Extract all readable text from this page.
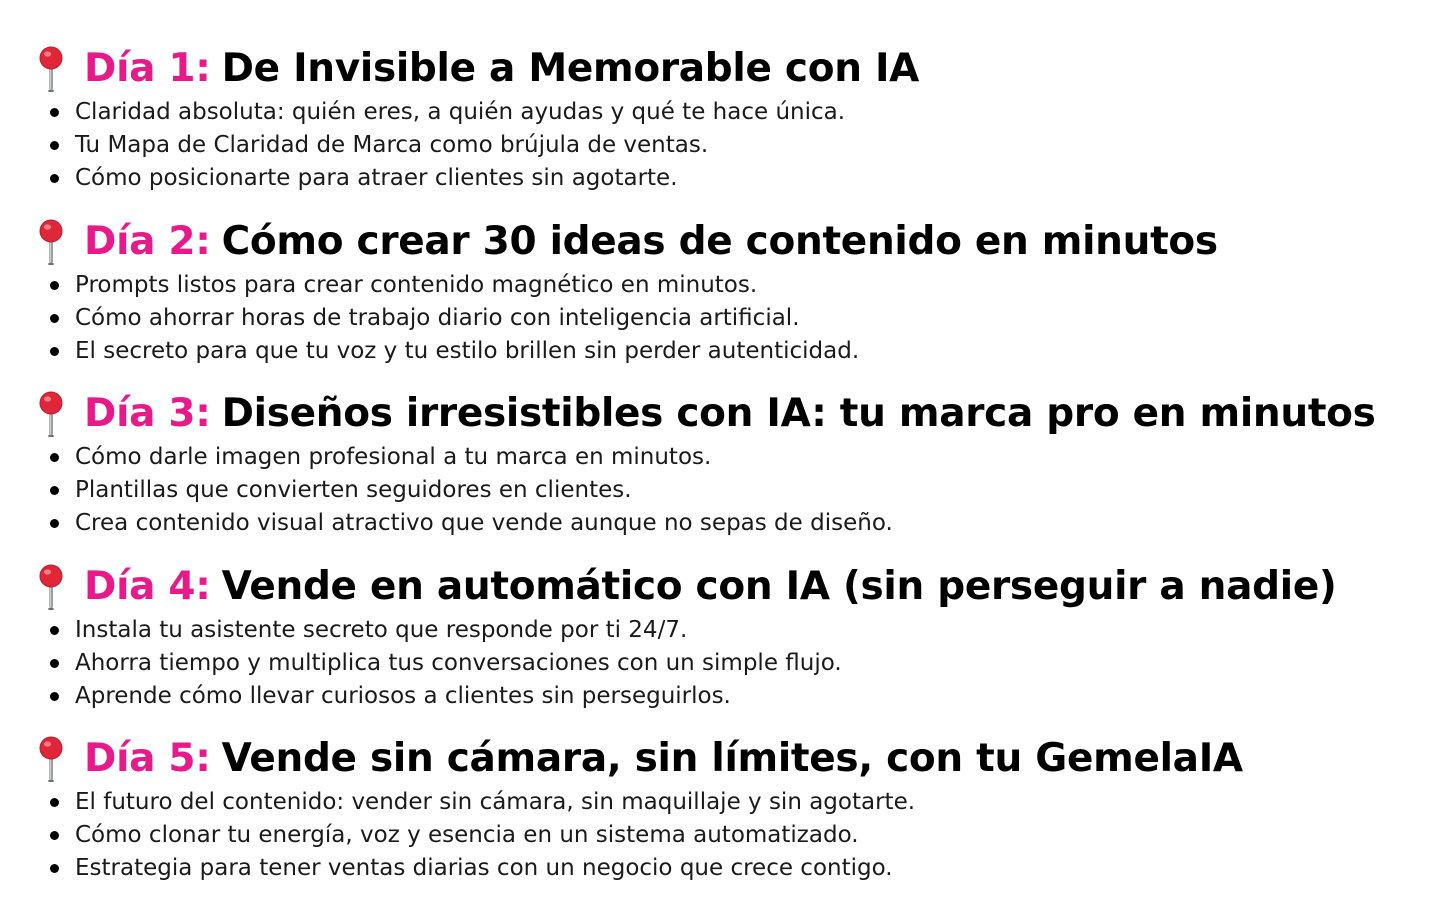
Día 1: De Invisible a Memorable con IA
Claridad absoluta: quién eres, a quién ayudas y qué te hace única.
Tu Mapa de Claridad de Marca como brújula de ventas.
Cómo posicionarte para atraer clientes sin agotarte.
Día 2: Cómo crear 30 ideas de contenido en minutos
Prompts listos para crear contenido magnético en minutos.
Cómo ahorrar horas de trabajo diario con inteligencia artificial.
El secreto para que tu voz y tu estilo brillen sin perder autenticidad.
Día 3: Diseños irresistibles con IA: tu marca pro en minutos
Cómo darle imagen profesional a tu marca en minutos.
Plantillas que convierten seguidores en clientes.
Crea contenido visual atractivo que vende aunque no sepas de diseño.
Día 4: Vende en automático con IA (sin perseguir a nadie)
Instala tu asistente secreto que responde por ti 24/7.
Ahorra tiempo y multiplica tus conversaciones con un simple flujo.
Aprende cómo llevar curiosos a clientes sin perseguirlos.
Día 5: Vende sin cámara, sin límites, con tu GemelaIA
El futuro del contenido: vender sin cámara, sin maquillaje y sin agotarte.
Cómo clonar tu energía, voz y esencia en un sistema automatizado.
Estrategia para tener ventas diarias con un negocio que crece contigo.
